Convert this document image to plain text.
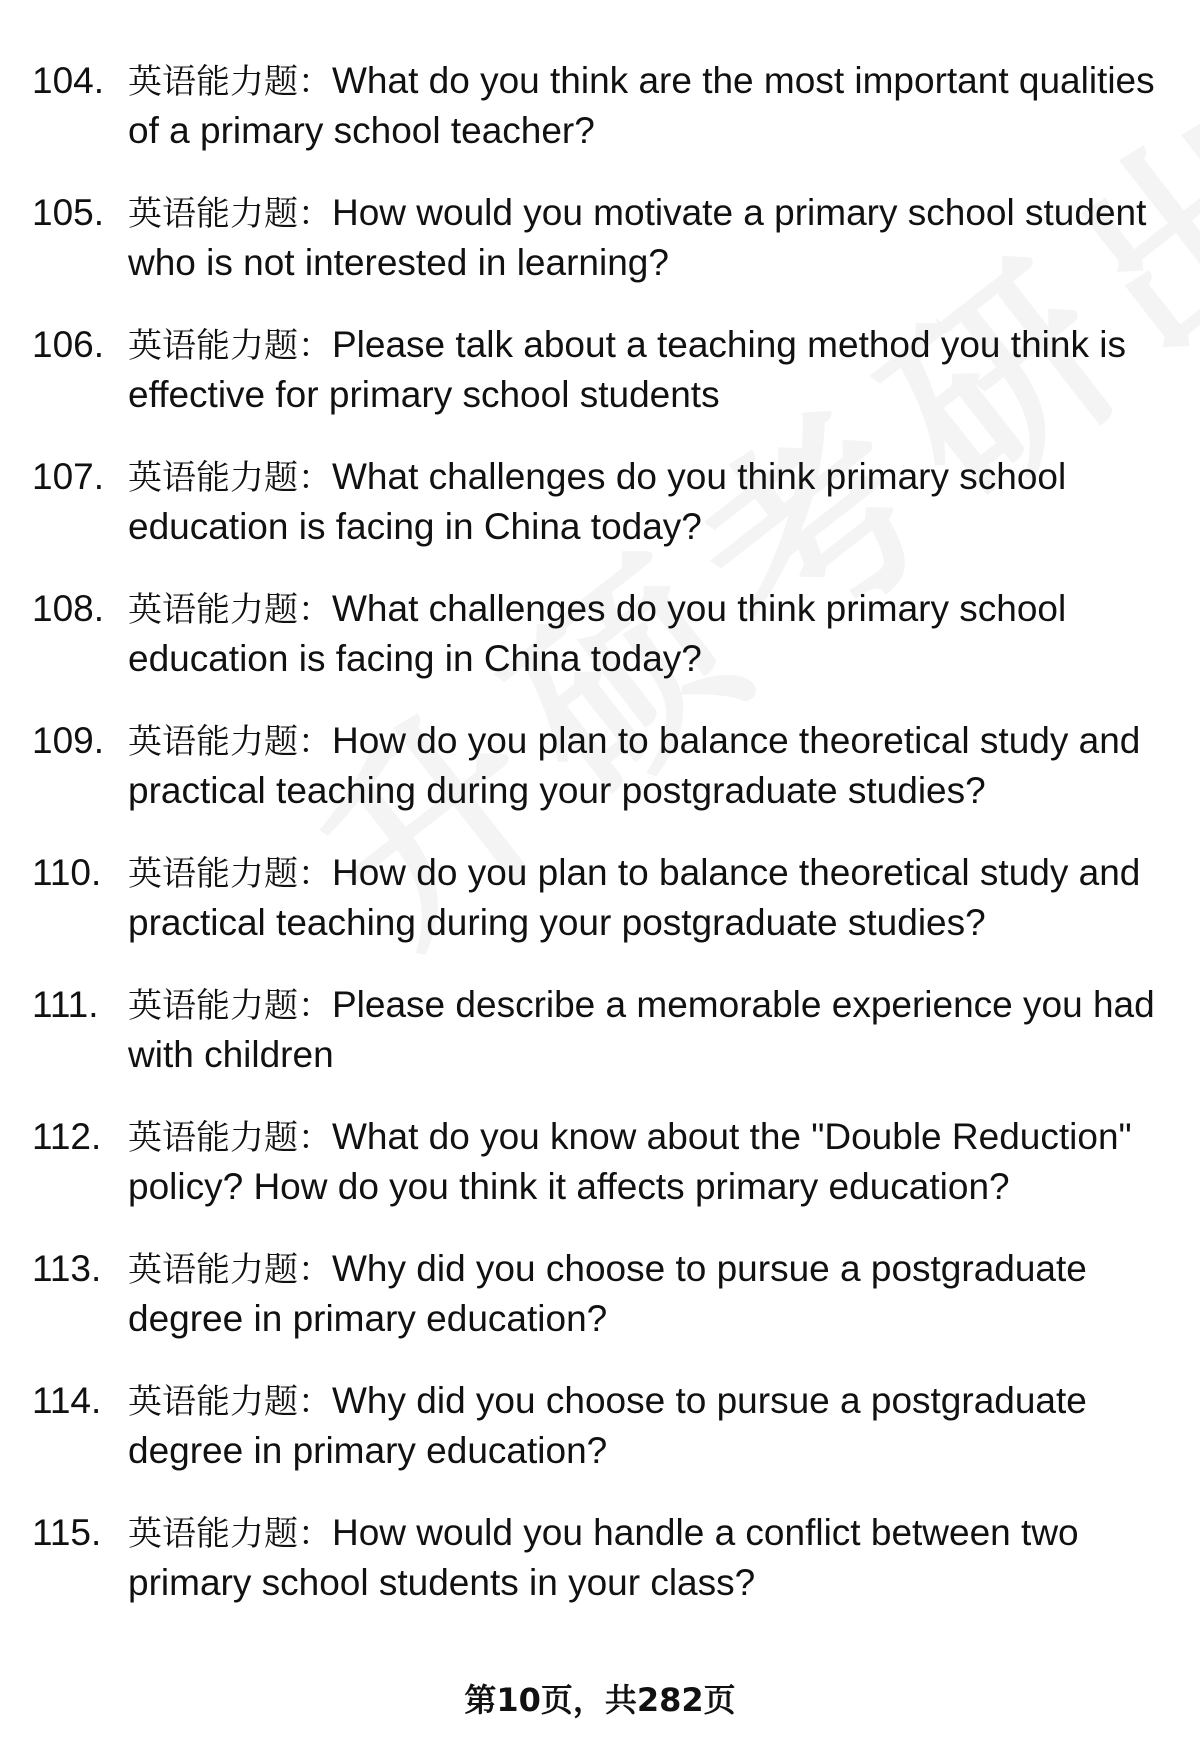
104. 英语能力题：What do you think are the most important qualities of a primary school teacher?
105. 英语能力题：How would you motivate a primary school student who is not interested in learning?
106. 英语能力题：Please talk about a teaching method you think is effective for primary school students
107. 英语能力题：What challenges do you think primary school education is facing in China today?
108. 英语能力题：What challenges do you think primary school education is facing in China today?
109. 英语能力题：How do you plan to balance theoretical study and practical teaching during your postgraduate studies?
110. 英语能力题：How do you plan to balance theoretical study and practical teaching during your postgraduate studies?
111. 英语能力题：Please describe a memorable experience you had with children
112. 英语能力题：What do you know about the "Double Reduction" policy? How do you think it affects primary education?
113. 英语能力题：Why did you choose to pursue a postgraduate degree in primary education?
114. 英语能力题：Why did you choose to pursue a postgraduate degree in primary education?
115. 英语能力题：How would you handle a conflict between two primary school students in your class?
第10页，共282页
